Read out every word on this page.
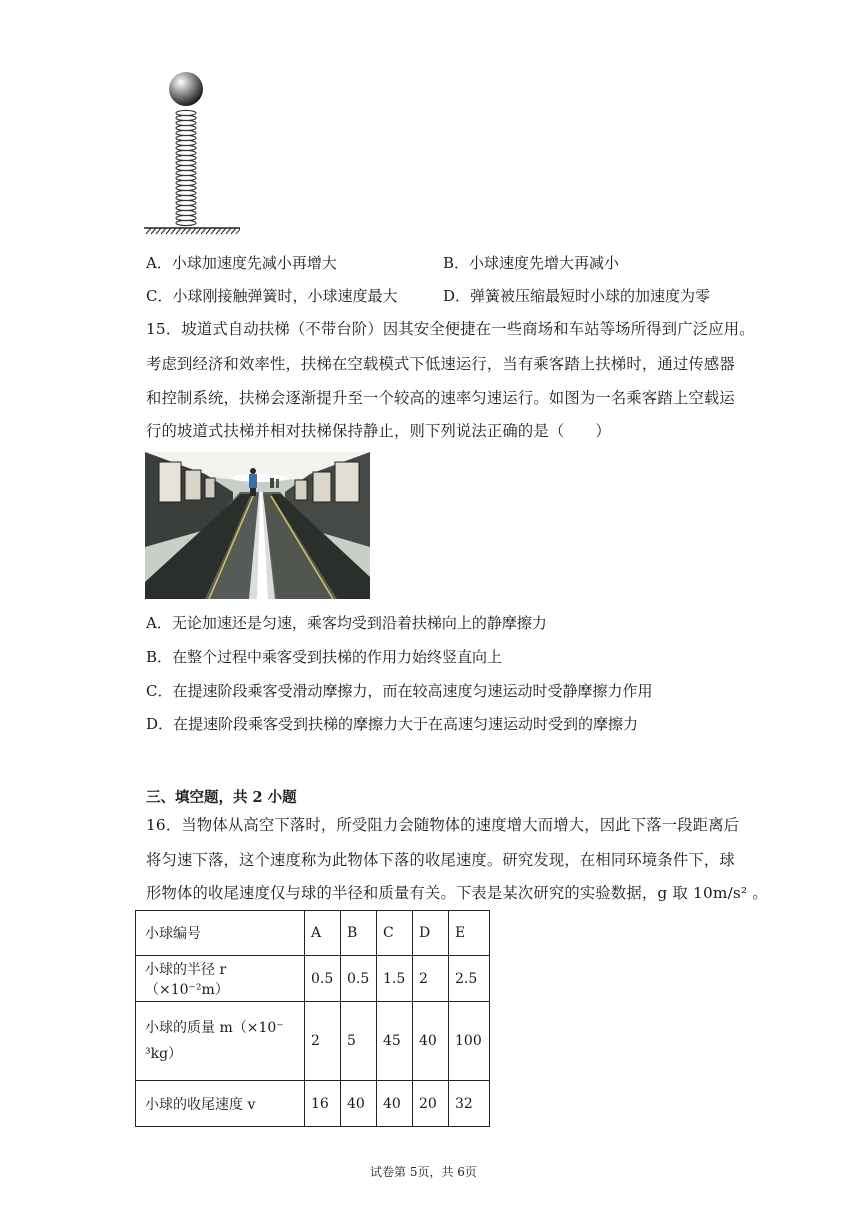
A．小球加速度先减小再增大	B．小球速度先增大再减小
C．小球刚接触弹簧时，小球速度最大	D．弹簧被压缩最短时小球的加速度为零
15．坡道式自动扶梯（不带台阶）因其安全便捷在一些商场和车站等场所得到广泛应用。
考虑到经济和效率性，扶梯在空载模式下低速运行，当有乘客踏上扶梯时，通过传感器
和控制系统，扶梯会逐渐提升至一个较高的速率匀速运行。如图为一名乘客踏上空载运
行的坡道式扶梯并相对扶梯保持静止，则下列说法正确的是（　　）
A．无论加速还是匀速，乘客均受到沿着扶梯向上的静摩擦力
B．在整个过程中乘客受到扶梯的作用力始终竖直向上
C．在提速阶段乘客受滑动摩擦力，而在较高速度匀速运动时受静摩擦力作用
D．在提速阶段乘客受到扶梯的摩擦力大于在高速匀速运动时受到的摩擦力
三、填空题，共 2 小题
16．当物体从高空下落时，所受阻力会随物体的速度增大而增大，因此下落一段距离后
将匀速下落，这个速度称为此物体下落的收尾速度。研究发现，在相同环境条件下，球
形物体的收尾速度仅与球的半径和质量有关。下表是某次研究的实验数据，g 取 10m/s² 。
小球编号	A	B	C	D	E
小球的半径 r（×10⁻²m）	0.5	0.5	1.5	2	2.5

小球的质量 m（×10⁻
³kg）	2	5	45	40	100
小球的收尾速度 v	16	40	40	20	32
试卷第 5页，共 6页
